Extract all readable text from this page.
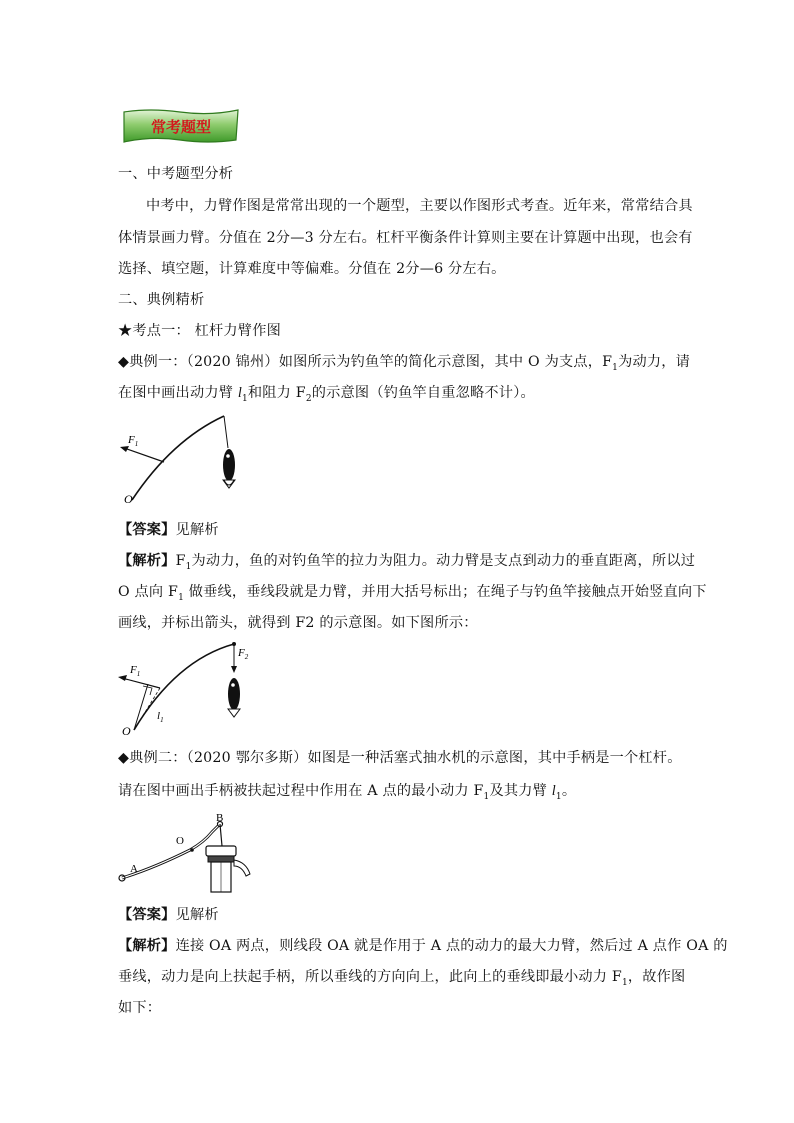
常考题型
一、中考题型分析
中考中，力臂作图是常常出现的一个题型，主要以作图形式考查。近年来，常常结合具
体情景画力臂。分值在 2分—3 分左右。杠杆平衡条件计算则主要在计算题中出现，也会有
选择、填空题，计算难度中等偏难。分值在 2分—6 分左右。
二、典例精析
★考点一： 杠杆力臂作图
◆典例一：（2020 锦州）如图所示为钓鱼竿的简化示意图，其中 O 为支点，$F_1$为动力，请
在图中画出动力臂 $l_1$和阻力 $F_2$的示意图（钓鱼竿自重忽略不计）。
$F_1$
O
【答案】见解析
【解析】$F_1$为动力，鱼的对钓鱼竿的拉力为阻力。动力臂是支点到动力的垂直距离，所以过
O 点向 $F_1$ 做垂线，垂线段就是力臂，并用大括号标出；在绳子与钓鱼竿接触点开始竖直向下
画线，并标出箭头，就得到 F2 的示意图。如下图所示：
$F_2$
$F_1$
O
$l_1$
◆典例二：（2020 鄂尔多斯）如图是一种活塞式抽水机的示意图，其中手柄是一个杠杆。
请在图中画出手柄被扶起过程中作用在 A 点的最小动力 $F_1$及其力臂 $l_1$。
A
B
O
【答案】见解析
【解析】连接 OA 两点，则线段 OA 就是作用于 A 点的动力的最大力臂，然后过 A 点作 OA 的
垂线，动力是向上扶起手柄，所以垂线的方向向上，此向上的垂线即最小动力 $F_1$，故作图
如下：
